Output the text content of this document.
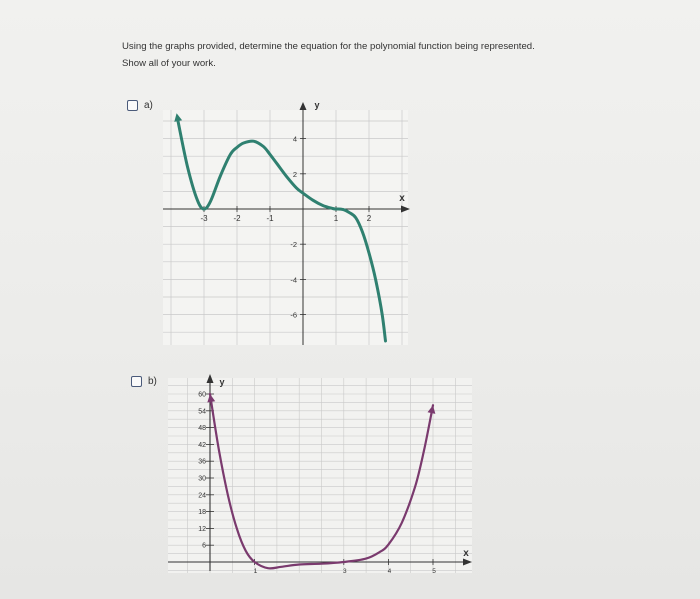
Using the graphs provided, determine the equation for the polynomial function being represented.

Show all of your work.

a)
b)
y
x
-3	-2	-1	1	2
4
2
-2
-4
-6
y
x
1	3	4	5
60
54
48
42
36
30
24
18
12
6
